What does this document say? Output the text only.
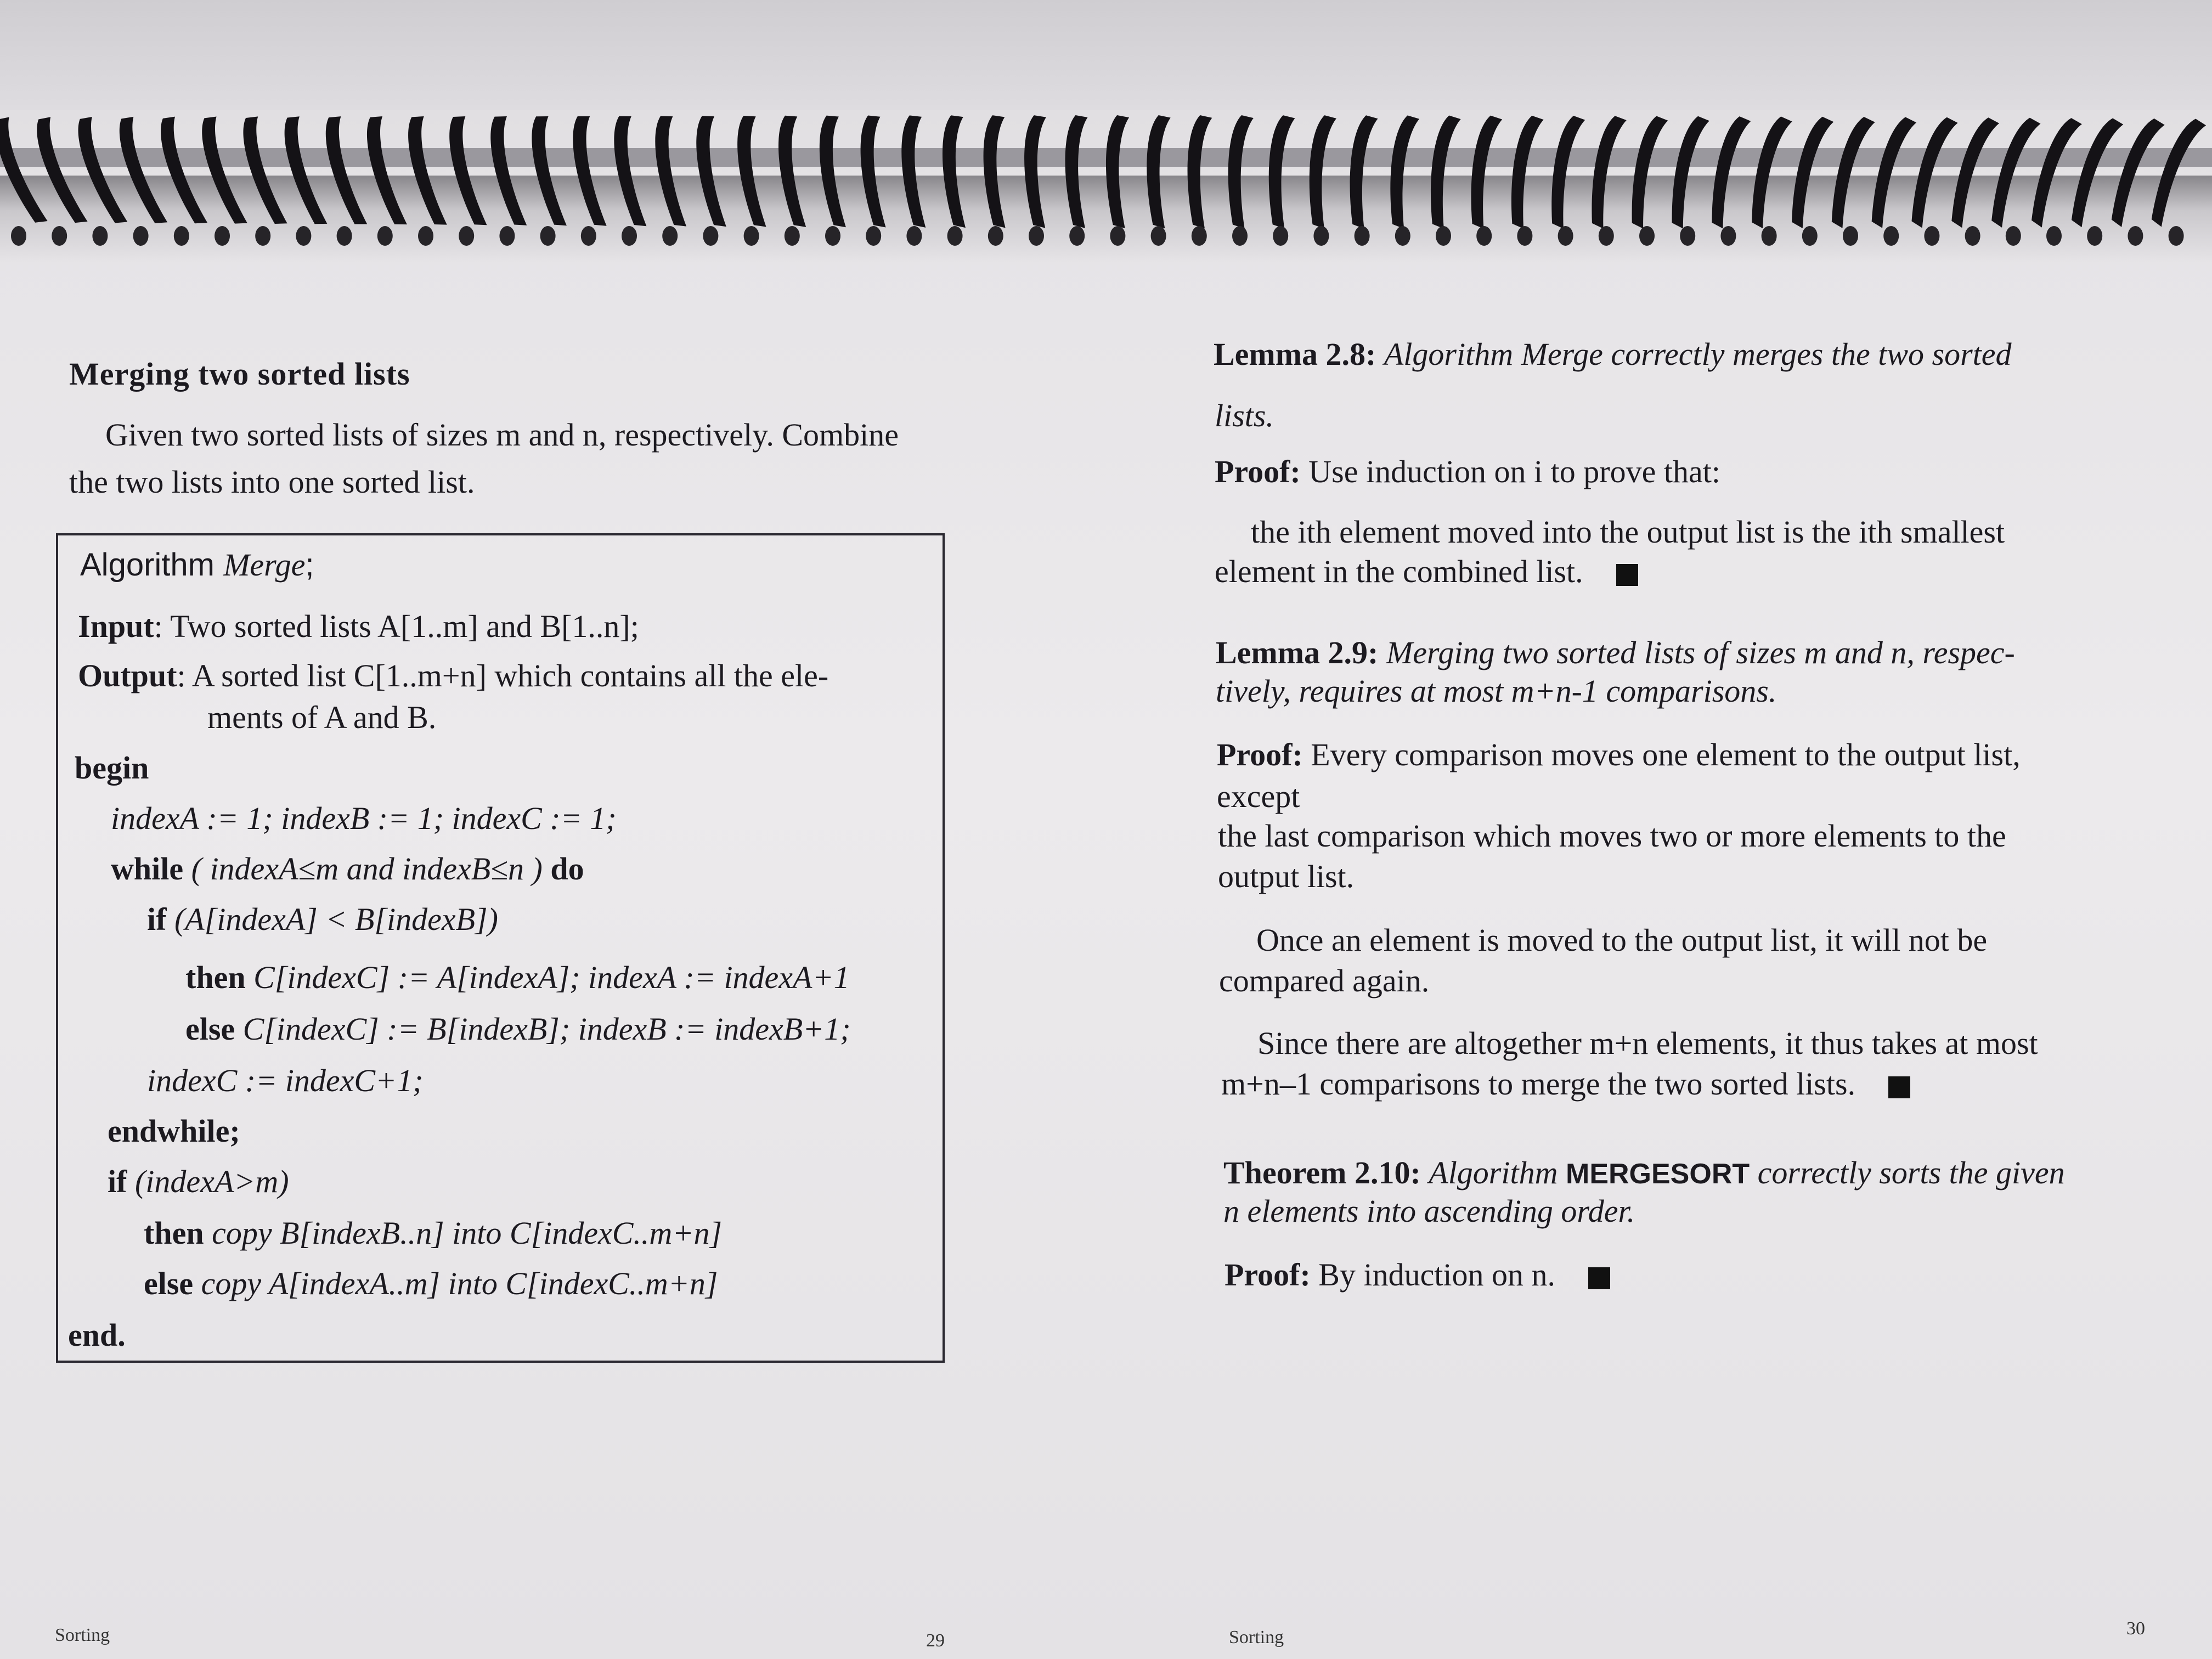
Merging two sorted lists
Given two sorted lists of sizes m and n, respectively. Combine
the two lists into one sorted list.
Algorithm Merge;
Input: Two sorted lists A[1..m] and B[1..n];
Output: A sorted list C[1..m+n] which contains all the ele-
ments of A and B.
begin
indexA := 1; indexB := 1; indexC := 1;
while ( indexA≤m and indexB≤n ) do
if (A[indexA] < B[indexB])
then C[indexC] := A[indexA]; indexA := indexA+1
else C[indexC] := B[indexB]; indexB := indexB+1;
indexC := indexC+1;
endwhile;
if (indexA>m)
then copy B[indexB..n] into C[indexC..m+n]
else copy A[indexA..m] into C[indexC..m+n]
end.
Sorting	29
Lemma 2.8: Algorithm Merge correctly merges the two sorted
lists.
Proof: Use induction on i to prove that:
the ith element moved into the output list is the ith smallest
element in the combined list.
Lemma 2.9: Merging two sorted lists of sizes m and n, respec-
tively, requires at most m+n-1 comparisons.
Proof: Every comparison moves one element to the output list,
except
the last comparison which moves two or more elements to the
output list.
Once an element is moved to the output list, it will not be
compared again.
Since there are altogether m+n elements, it thus takes at most
m+n–1 comparisons to merge the two sorted lists.
Theorem 2.10: Algorithm MERGESORT correctly sorts the given
n elements into ascending order.
Proof: By induction on n.
Sorting	30
